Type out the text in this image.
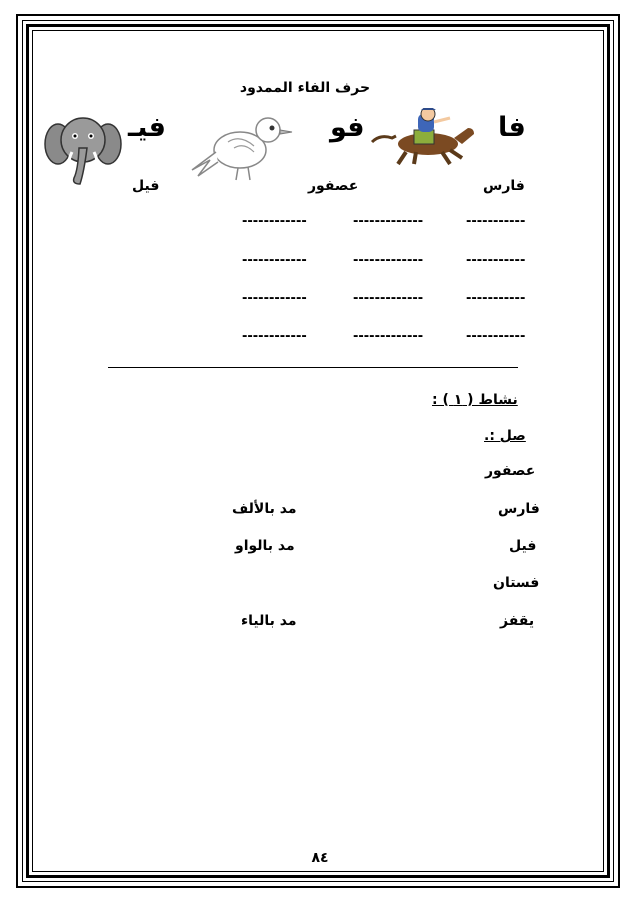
حرف الفاء الممدود
فا
فو
فيـ
فارس
عصفور
فيل
-----------
-------------
------------
-----------
-------------
------------
-----------
-------------
------------
-----------
-------------
------------
نشاط ( ١ ) :
صل :.
عصفور
فارس
فيل
فستان
يقفز
مد بالألف
مد بالواو
مد بالياء
٨٤
